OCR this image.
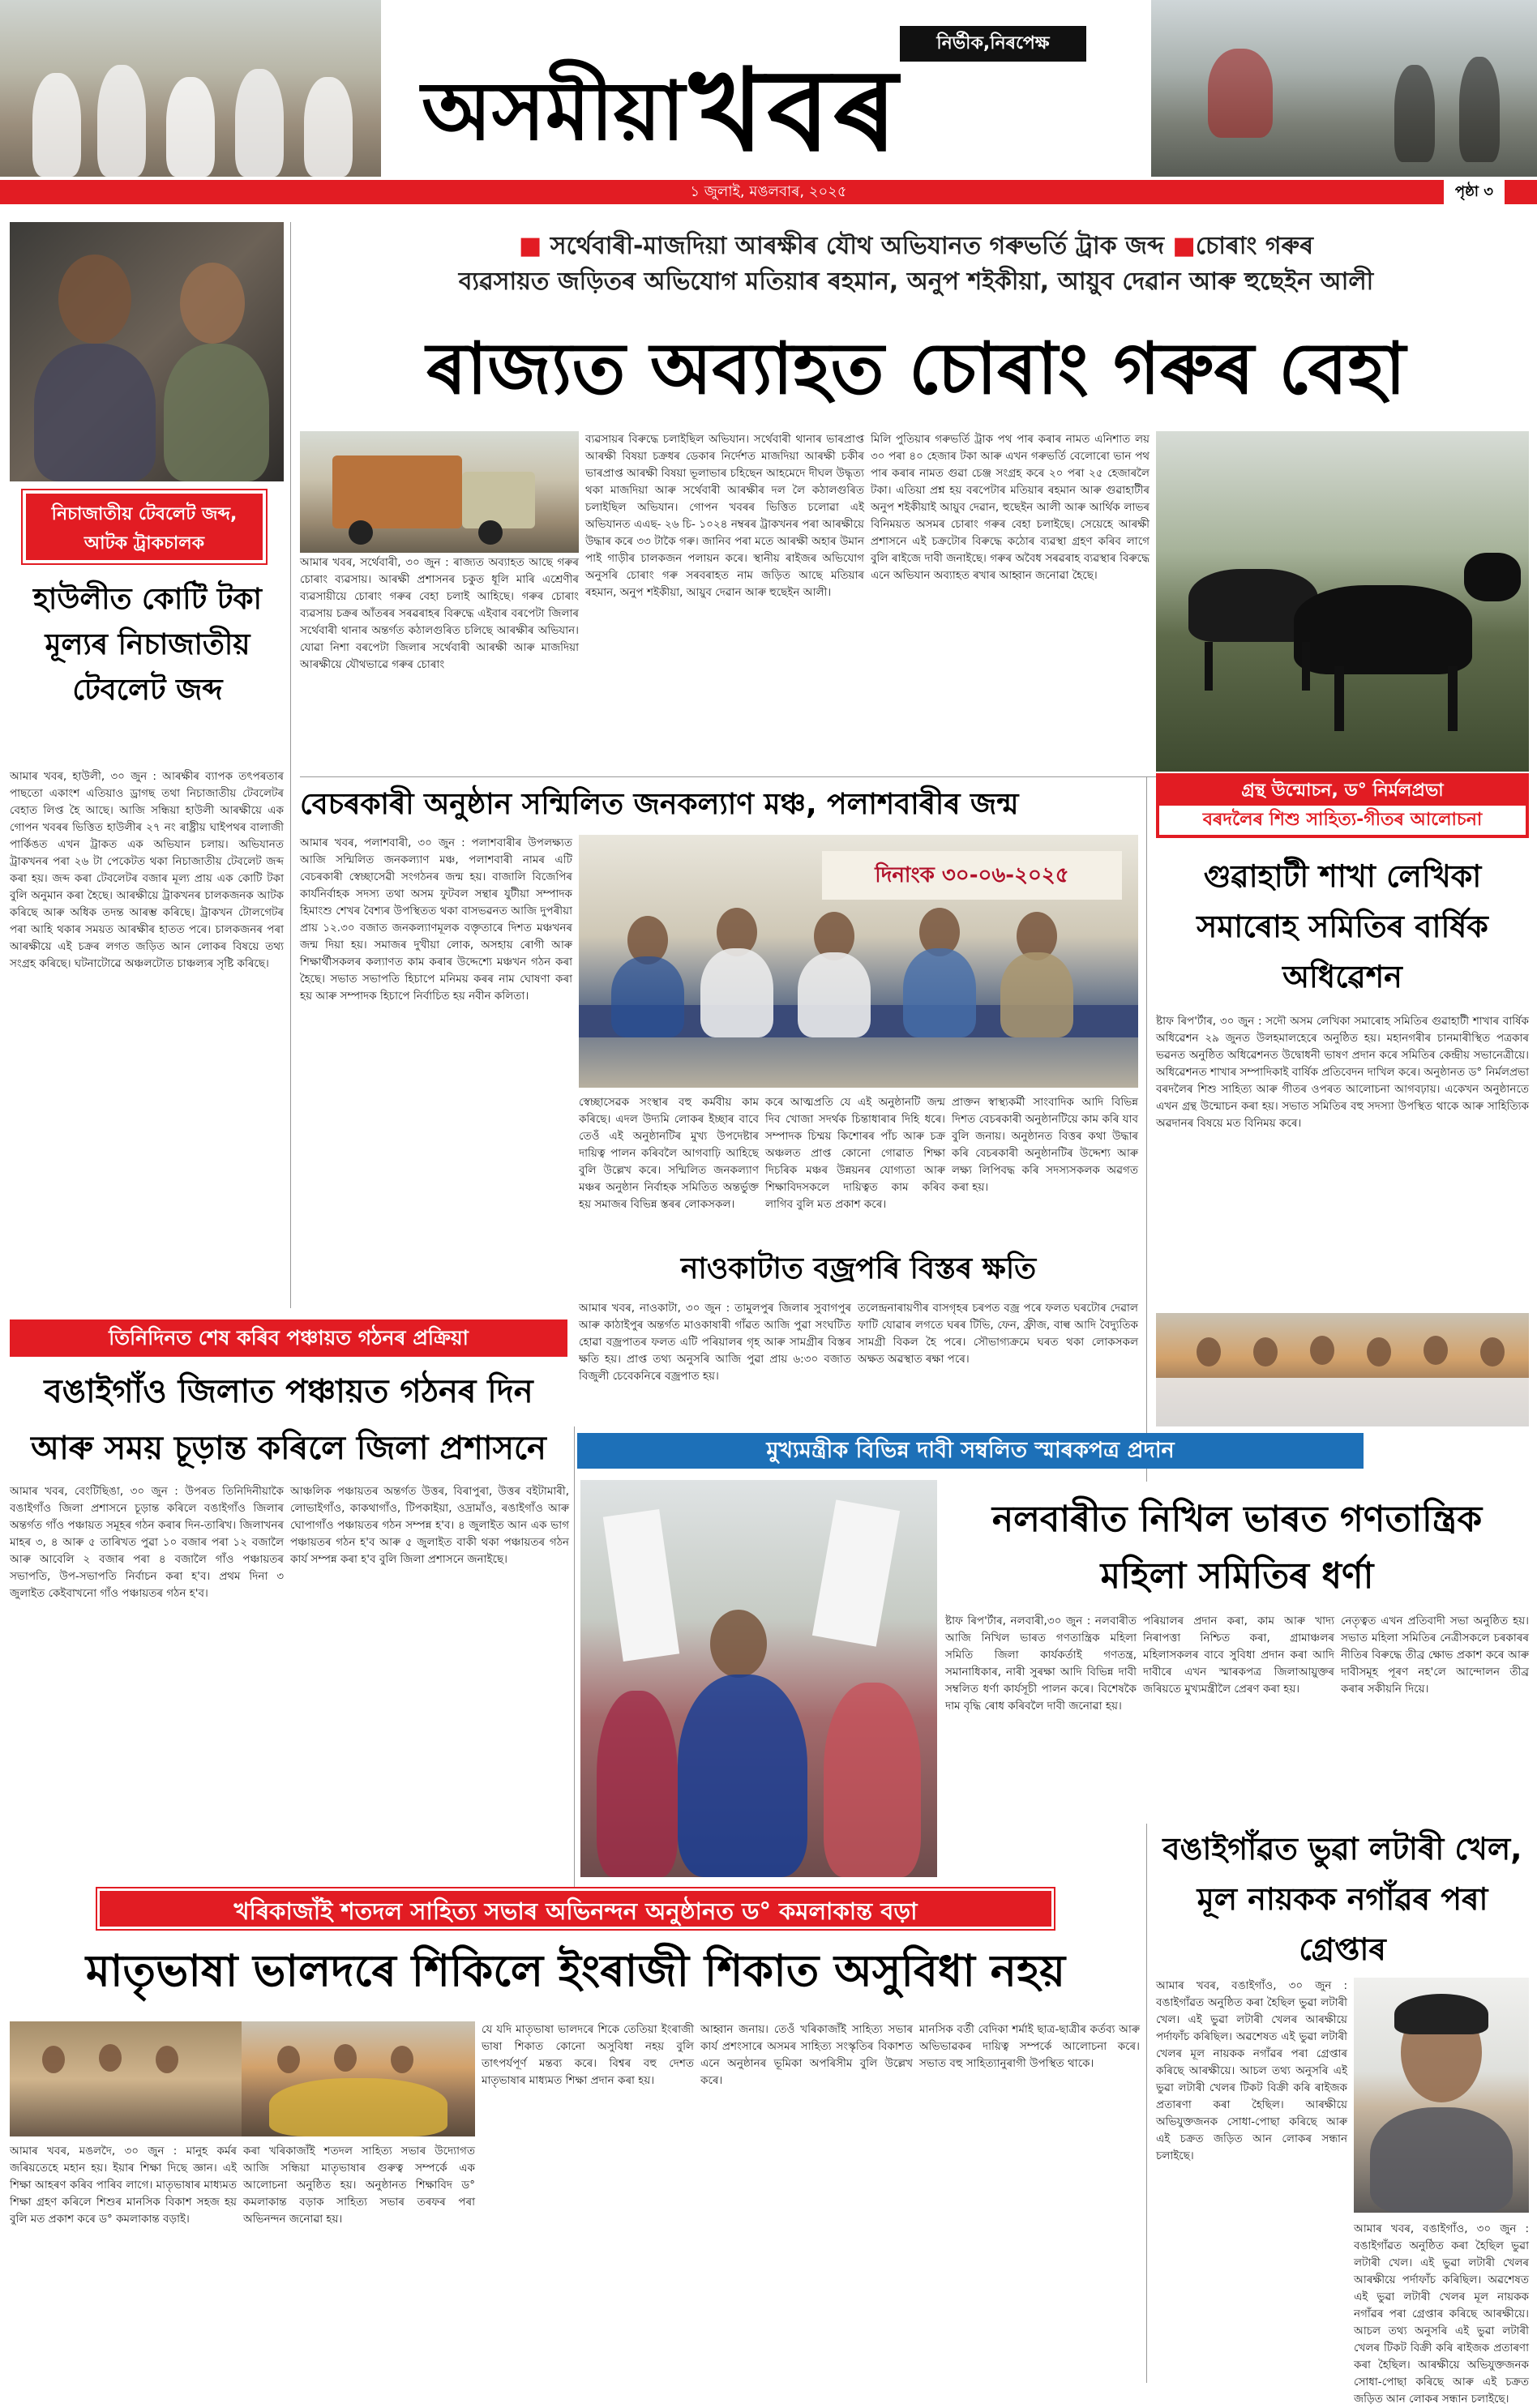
নিৰ্ভীক,নিৰপেক্ষ
অসমীয়া খবৰ
১ জুলাই, মঙলবাৰ, ২০২৫	পৃষ্ঠা ৩
নিচাজাতীয় টেবলেট জব্দ, আটক ট্ৰাকচালক
হাউলীত কোটি টকা মূল্যৰ নিচাজাতীয় টেবলেট জব্দ
আমাৰ খবৰ, হাউলী, ৩০ জুন : আৰক্ষীৰ ব্যাপক তৎপৰতাৰ পাছতো একাংশ এতিয়াও ড্ৰাগছ তথা নিচাজাতীয় টেবলেটৰ বেহাত লিপ্ত হৈ আছে। আজি সন্ধিয়া হাউলী আৰক্ষীয়ে এক গোপন খবৰৰ ভিত্তিত হাউলীৰ ২৭ নং ৰাষ্ট্ৰীয় ঘাইপথৰ বালাজী পাৰ্কিঙত এখন ট্ৰাকত এক অভিযান চলায়। অভিযানত ট্ৰাকখনৰ পৰা ২৬ টা পেকেটত থকা নিচাজাতীয় টেবলেট জব্দ কৰা হয়। জব্দ কৰা টেবলেটৰ বজাৰ মূল্য প্ৰায় এক কোটি টকা বুলি অনুমান কৰা হৈছে। আৰক্ষীয়ে ট্ৰাকখনৰ চালকজনক আটক কৰিছে আৰু অধিক তদন্ত আৰম্ভ কৰিছে। ট্ৰাকখন টোলগেটৰ পৰা আহি থকাৰ সময়ত আৰক্ষীৰ হাতত পৰে। চালকজনৰ পৰা আৰক্ষীয়ে এই চক্ৰৰ লগত জড়িত আন লোকৰ বিষয়ে তথ্য সংগ্ৰহ কৰিছে। ঘটনাটোৱে অঞ্চলটোত চাঞ্চল্যৰ সৃষ্টি কৰিছে।
■ সৰ্থেবাৰী-মাজদিয়া আৰক্ষীৰ যৌথ অভিযানত গৰুভৰ্তি ট্ৰাক জব্দ ■চোৰাং গৰুৰ
ব্যৱসায়ত জড়িতৰ অভিযোগ মতিয়াৰ ৰহমান, অনুপ শইকীয়া, আয়ুব দেৱান আৰু হুছেইন আলী
ৰাজ্যত অব্যাহত চোৰাং গৰুৰ বেহা
আমাৰ খবৰ, সৰ্থেবাৰী, ৩০ জুন : ৰাজ্যত অব্যাহত আছে গৰুৰ চোৰাং ব্যৱসায়। আৰক্ষী প্ৰশাসনৰ চকুত ধূলি মাৰি এশ্ৰেণীৰ ব্যৱসায়ীয়ে চোৰাং গৰুৰ বেহা চলাই আহিছে। গৰুৰ চোৰাং ব্যৱসায় চক্ৰৰ আঁতৰৰ সৰৱৰাহৰ বিৰুদ্ধে এইবাৰ বৰপেটা জিলাৰ সৰ্থেবাৰী থানাৰ অন্তৰ্গত কঠালগুৰিত চলিছে আৰক্ষীৰ অভিযান। যোৱা নিশা বৰপেটা জিলাৰ সৰ্থেবাৰী আৰক্ষী আৰু মাজদিয়া আৰক্ষীয়ে যৌথভাৱে গৰুৰ চোৰাং
ব্যৱসায়ৰ বিৰুদ্ধে চলাইছিল অভিযান। সৰ্থেবাৰী থানাৰ ভাৰপ্ৰাপ্ত আৰক্ষী বিষয়া চক্ৰধৰ ডেকাৰ নিৰ্দেশত মাজদিয়া আৰক্ষী চকীৰ ভাৰপ্ৰাপ্ত আৰক্ষী বিষয়া ভূলাভাৰ চহিছেন আহমেদে দীঘল উদ্ধৃত্য থকা মাজদিয়া আৰু সৰ্থেবাৰী আৰক্ষীৰ দল লৈ কঠালগুৰিত চলাইছিল অভিযান। গোপন খবৰৰ ভিত্তিত চলোৱা এই অভিযানত এএছ- ২৬ চি- ১০২৪ নম্বৰৰ ট্ৰাকখনৰ পৰা আৰক্ষীয়ে উদ্ধাৰ কৰে ৩৩ টাকৈ গৰু। জানিব পৰা মতে আৰক্ষী অহাৰ উমান পাই গাড়ীৰ চালকজন পলায়ন কৰে। স্থানীয় ৰাইজৰ অভিযোগ অনুসৰি চোৰাং গৰু সৰবৰাহত নাম জড়িত আছে মতিয়াৰ ৰহমান, অনুপ শইকীয়া, আয়ুব দেৱান আৰু হুছেইন আলী।
মিলি পুতিয়াৰ গৰুভৰ্তি ট্ৰাক পথ পাৰ কৰাৰ নামত এনিশাত লয় ৩০ পৰা ৪০ হেজাৰ টকা আৰু এখন গৰুভৰ্তি বেলোৰো ভান পথ পাৰ কৰাৰ নামত গুৱা চেঞ্জ সংগ্ৰহ কৰে ২০ পৰা ২৫ হেজাৰলৈ টকা। এতিয়া প্ৰশ্ন হয় বৰপেটাৰ মতিয়াৰ ৰহমান আৰু গুৱাহাটীৰ অনুপ শইকীয়াই আয়ুব দেৱান, হুছেইন আলী আৰু আৰ্থিক লাভৰ বিনিময়ত অসমৰ চোৰাং গৰুৰ বেহা চলাইছে। সেয়েহে আৰক্ষী প্ৰশাসনে এই চক্ৰটোৰ বিৰুদ্ধে কঠোৰ ব্যৱস্থা গ্ৰহণ কৰিব লাগে বুলি ৰাইজে দাবী জনাইছে। গৰুৰ অবৈধ সৰৱৰাহ ব্যৱস্থাৰ বিৰুদ্ধে এনে অভিযান অব্যাহত ৰখাৰ আহ্বান জনোৱা হৈছে।
বেচৰকাৰী অনুষ্ঠান সন্মিলিত জনকল্যাণ মঞ্চ, পলাশবাৰীৰ জন্ম
আমাৰ খবৰ, পলাশবাৰী, ৩০ জুন : পলাশবাৰীৰ উপলক্ষ্যত আজি সন্মিলিত জনকল্যাণ মঞ্চ, পলাশবাৰী নামৰ এটি বেচৰকাৰী স্বেচ্ছাসেৱী সংগঠনৰ জন্ম হয়। বাজালি বিজেপিৰ কাৰ্যনিৰ্বাহক সদস্য তথা অসম ফুটবল সন্থাৰ যুটীয়া সম্পাদক হিমাংশু শেখৰ বৈশ্যৰ উপস্থিতত থকা বাসভৱনত আজি দুপৰীয়া প্ৰায় ১২.৩০ বজাত জনকল্যাণমূলক বক্তৃতাৰে দিশত মঞ্চখনৰ জন্ম দিয়া হয়। সমাজৰ দুখীয়া লোক, অসহায় ৰোগী আৰু শিক্ষাৰ্থীসকলৰ কল্যাণত কাম কৰাৰ উদ্দেশ্যে মঞ্চখন গঠন কৰা হৈছে। সভাত সভাপতি হিচাপে মনিময় কৰৰ নাম ঘোষণা কৰা হয় আৰু সম্পাদক হিচাপে নিৰ্বাচিত হয় নবীন কলিতা।
দিনাংক ৩০-০৬-২০২৫
স্বেচ্ছাসেৱক সংস্থাৰ বহু কৰ্মবীয় কাম কৰিছে। এদল উদ্যমি লোকৰ ইচ্ছাৰ বাবে তেওঁ এই অনুষ্ঠানটিৰ মুখ্য উপদেষ্টাৰ দায়িত্ব পালন কৰিবলৈ আগবাঢ়ি আহিছে বুলি উল্লেখ কৰে। সন্মিলিত জনকল্যাণ মঞ্চৰ অনুষ্ঠান নিৰ্বাহক সমিতিত অন্তৰ্ভুক্ত হয় সমাজৰ বিভিন্ন স্তৰৰ লোকসকল।
কৰে আত্মপ্ৰতি যে এই অনুষ্ঠানটি জন্ম দিব খোজা সদৰ্থক চিন্তাধাৰাৰ দিহি ধৰে। সম্পাদক চিম্ময় কিশোৰৰ পাঁচ আৰু চক্ৰ অঞ্চলত প্ৰাপ্ত কোনো গোৱাত শিক্ষা দিচৰিক মঞ্চৰ উন্নয়নৰ যোগ্যতা আৰু শিক্ষাবিদসকলে দায়িত্বত কাম কৰিব লাগিব বুলি মত প্ৰকাশ কৰে।
প্ৰাক্তন স্বাস্থ্যকৰ্মী সাংবাদিক আদি বিভিন্ন দিশত বেচৰকাৰী অনুষ্ঠানটিয়ে কাম কৰি যাব বুলি জনায়। অনুষ্ঠানত বিত্তৰ কথা উদ্ধাৰ কৰি বেচৰকাৰী অনুষ্ঠানটিৰ উদ্দেশ্য আৰু লক্ষ্য লিপিবদ্ধ কৰি সদস্যসকলক অৱগত কৰা হয়।
নাওকাটাত বজ্ৰপৰি বিস্তৰ ক্ষতি
আমাৰ খবৰ, নাওকাটা, ৩০ জুন : তামুলপুৰ জিলাৰ সুবাগপুৰ আৰু কাঠাইপুৰ অন্তৰ্গত মাওকাষাৰী গাঁৱত আজি পুৱা সংঘটিত হোৱা বজ্ৰপাতৰ ফলত এটি পৰিয়ালৰ গৃহ আৰু সামগ্ৰীৰ বিস্তৰ ক্ষতি হয়। প্ৰাপ্ত তথ্য অনুসৰি আজি পুৱা প্ৰায় ৬:৩০ বজাত বিজুলী চেবেকনিৰে বজ্ৰপাত হয়।
তলেন্দ্ৰনাৰায়ণীৰ বাসগৃহৰ চৰপত বজ্ৰ পৰে ফলত ঘৰটোৰ দেৱাল ফাটি যোৱাৰ লগতে ঘৰৰ টিভি, ফেন, ফ্ৰীজ, বাল্ব আদি বৈদ্যুতিক সামগ্ৰী বিকল হৈ পৰে। সৌভাগ্যক্ৰমে ঘৰত থকা লোকসকল অক্ষত অৱস্থাত ৰক্ষা পৰে।
তিনিদিনত শেষ কৰিব পঞ্চায়ত গঠনৰ প্ৰক্ৰিয়া
বঙাইগাঁও জিলাত পঞ্চায়ত গঠনৰ দিন আৰু সময় চূড়ান্ত কৰিলে জিলা প্ৰশাসনে
আমাৰ খবৰ, বেংটিছিঙা, ৩০ জুন : উপৰত তিনিদিনীয়াকৈ বঙাইগাঁও জিলা প্ৰশাসনে চূড়ান্ত কৰিলে বঙাইগাঁও জিলাৰ অন্তৰ্গত গাঁও পঞ্চায়ত সমূহৰ গঠন কৰাৰ দিন-তাৰিখ। জিলাখনৰ মাহৰ ৩, ৪ আৰু ৫ তাৰিখত পুৱা ১০ বজাৰ পৰা ১২ বজালৈ আৰু আবেলি ২ বজাৰ পৰা ৪ বজালৈ গাঁও পঞ্চায়তৰ সভাপতি, উপ-সভাপতি নিৰ্বাচন কৰা হ'ব। প্ৰথম দিনা ৩ জুলাইত কেইবাখনো গাঁও পঞ্চায়তৰ গঠন হ'ব।
আঞ্চলিক পঞ্চায়তৰ অন্তৰ্গত উত্তৰ, বিৰাপুৰা, উত্তৰ বইটামাৰী, লোভাইগাঁও, কাকথাগাঁও, টিপকাইয়া, ওদ্ৰামাঁও, ৰঙাইগাঁও আৰু ঘোপাগাঁও পঞ্চায়তৰ গঠন সম্পন্ন হ'ব। ৪ জুলাইত আন এক ভাগ পঞ্চায়তৰ গঠন হ'ব আৰু ৫ জুলাইত বাকী থকা পঞ্চায়তৰ গঠন কাৰ্য সম্পন্ন কৰা হ'ব বুলি জিলা প্ৰশাসনে জনাইছে।
গ্ৰন্থ উন্মোচন, ড° নিৰ্মলপ্ৰভা
বৰদলৈৰ শিশু সাহিত্য-গীতৰ আলোচনা
গুৱাহাটী শাখা লেখিকা সমাৰোহ সমিতিৰ বাৰ্ষিক অধিৱেশন
ষ্টাফ ৰিপ'ৰ্টাৰ, ৩০ জুন : সদৌ অসম লেখিকা সমাৰোহ সমিতিৰ গুৱাহাটী শাখাৰ বাৰ্ষিক অধিৱেশন ২৯ জুনত উলহমালহেৰে অনুষ্ঠিত হয়। মহানগৰীৰ চানমাৰীস্থিত পত্ৰকাৰ ভৱনত অনুষ্ঠিত অধিৱেশনত উদ্বোধনী ভাষণ প্ৰদান কৰে সমিতিৰ কেন্দ্ৰীয় সভানেত্ৰীয়ে। অধিৱেশনত শাখাৰ সম্পাদিকাই বাৰ্ষিক প্ৰতিবেদন দাখিল কৰে। অনুষ্ঠানত ড° নিৰ্মলপ্ৰভা বৰদলৈৰ শিশু সাহিত্য আৰু গীতৰ ওপৰত আলোচনা আগবঢ়ায়। একেখন অনুষ্ঠানতে এখন গ্ৰন্থ উন্মোচন কৰা হয়। সভাত সমিতিৰ বহু সদস্যা উপস্থিত থাকে আৰু সাহিত্যিক অৱদানৰ বিষয়ে মত বিনিময় কৰে।
মুখ্যমন্ত্ৰীক বিভিন্ন দাবী সম্বলিত স্মাৰকপত্ৰ প্ৰদান
নলবাৰীত নিখিল ভাৰত গণতান্ত্ৰিক মহিলা সমিতিৰ ধৰ্ণা
ষ্টাফ ৰিপ'ৰ্টাৰ, নলবাৰী,৩০ জুন : নলবাৰীত আজি নিখিল ভাৰত গণতান্ত্ৰিক মহিলা সমিতি জিলা কাৰ্যকৰ্তাই গণতন্ত্ৰ, সমানাধিকাৰ, নাৰী সুৰক্ষা আদি বিভিন্ন দাবী সম্বলিত ধৰ্ণা কাৰ্যসূচী পালন কৰে। বিশেষকৈ দাম বৃদ্ধি ৰোধ কৰিবলৈ দাবী জনোৱা হয়।
পৰিয়ালৰ প্ৰদান কৰা, কাম আৰু খাদ্য নিৰাপত্তা নিশ্চিত কৰা, গ্ৰামাঞ্চলৰ মহিলাসকলৰ বাবে সুবিধা প্ৰদান কৰা আদি দাবীৰে এখন স্মাৰকপত্ৰ জিলাআয়ুক্তৰ জৰিয়তে মুখ্যমন্ত্ৰীলৈ প্ৰেৰণ কৰা হয়।
নেতৃত্বত এখন প্ৰতিবাদী সভা অনুষ্ঠিত হয়। সভাত মহিলা সমিতিৰ নেত্ৰীসকলে চৰকাৰৰ নীতিৰ বিৰুদ্ধে তীব্ৰ ক্ষোভ প্ৰকাশ কৰে আৰু দাবীসমূহ পূৰণ নহ'লে আন্দোলন তীব্ৰ কৰাৰ সকীয়নি দিয়ে।
বঙাইগাঁৱত ভুৱা লটাৰী খেল, মূল নায়কক নগাঁৱৰ পৰা গ্ৰেপ্তাৰ
আমাৰ খবৰ, বঙাইগাঁও, ৩০ জুন : বঙাইগাঁৱত অনুষ্ঠিত কৰা হৈছিল ভুৱা লটাৰী খেল। এই ভুৱা লটাৰী খেলৰ আৰক্ষীয়ে পৰ্দাফাঁচ কৰিছিল। অৱশেষত এই ভুৱা লটাৰী খেলৰ মূল নায়কক নগাঁৱৰ পৰা গ্ৰেপ্তাৰ কৰিছে আৰক্ষীয়ে। আচল তথ্য অনুসৰি এই ভুৱা লটাৰী খেলৰ টিকট বিক্ৰী কৰি ৰাইজক প্ৰতাৰণা কৰা হৈছিল। আৰক্ষীয়ে অভিযুক্তজনক সোধা-পোছা কৰিছে আৰু এই চক্ৰত জড়িত আন লোকৰ সন্ধান চলাইছে।
আমাৰ খবৰ, বঙাইগাঁও, ৩০ জুন : বঙাইগাঁৱত অনুষ্ঠিত কৰা হৈছিল ভুৱা লটাৰী খেল। এই ভুৱা লটাৰী খেলৰ আৰক্ষীয়ে পৰ্দাফাঁচ কৰিছিল। অৱশেষত এই ভুৱা লটাৰী খেলৰ মূল নায়কক নগাঁৱৰ পৰা গ্ৰেপ্তাৰ কৰিছে আৰক্ষীয়ে। আচল তথ্য অনুসৰি এই ভুৱা লটাৰী খেলৰ টিকট বিক্ৰী কৰি ৰাইজক প্ৰতাৰণা কৰা হৈছিল। আৰক্ষীয়ে অভিযুক্তজনক সোধা-পোছা কৰিছে আৰু এই চক্ৰত জড়িত আন লোকৰ সন্ধান চলাইছে।
খৰিকাজাঁই শতদল সাহিত্য সভাৰ অভিনন্দন অনুষ্ঠানত ড° কমলাকান্ত বড়া
মাতৃভাষা ভালদৰে শিকিলে ইংৰাজী শিকাত অসুবিধা নহয়
আমাৰ খবৰ, মঙলদৈ, ৩০ জুন : মানুহ কৰ্মৰ জৰিয়তেহে মহান হয়। ইয়াৰ শিক্ষা দিছে জ্ঞান। এই শিক্ষা আহৰণ কৰিব পাৰিব লাগে। মাতৃভাষাৰ মাধ্যমত শিক্ষা গ্ৰহণ কৰিলে শিশুৰ মানসিক বিকাশ সহজ হয় বুলি মত প্ৰকাশ কৰে ড° কমলাকান্ত বড়াই।
কৰা খৰিকাজাঁই শতদল সাহিত্য সভাৰ উদ্যোগত আজি সন্ধিয়া মাতৃভাষাৰ গুৰুত্ব সম্পৰ্কে এক আলোচনা অনুষ্ঠিত হয়। অনুষ্ঠানত শিক্ষাবিদ ড° কমলাকান্ত বড়াক সাহিত্য সভাৰ তৰফৰ পৰা অভিনন্দন জনোৱা হয়।
যে যদি মাতৃভাষা ভালদৰে শিকে তেতিয়া ইংৰাজী ভাষা শিকাত কোনো অসুবিধা নহয় বুলি তাৎপৰ্যপূৰ্ণ মন্তব্য কৰে। বিশ্বৰ বহু দেশত মাতৃভাষাৰ মাধ্যমত শিক্ষা প্ৰদান কৰা হয়।
আহ্বান জনায়। তেওঁ খৰিকাজাঁই সাহিত্য সভাৰ কাৰ্য প্ৰশংসাৰে অসমৰ সাহিত্য সংস্কৃতিৰ বিকাশত এনে অনুষ্ঠানৰ ভূমিকা অপৰিসীম বুলি উল্লেখ কৰে।
মানসিক বৰ্তী বেদিকা শৰ্মাই ছাত্ৰ-ছাত্ৰীৰ কৰ্তব্য আৰু অভিভাৱকৰ দায়িত্ব সম্পৰ্কে আলোচনা কৰে। সভাত বহু সাহিত্যানুৰাগী উপস্থিত থাকে।
